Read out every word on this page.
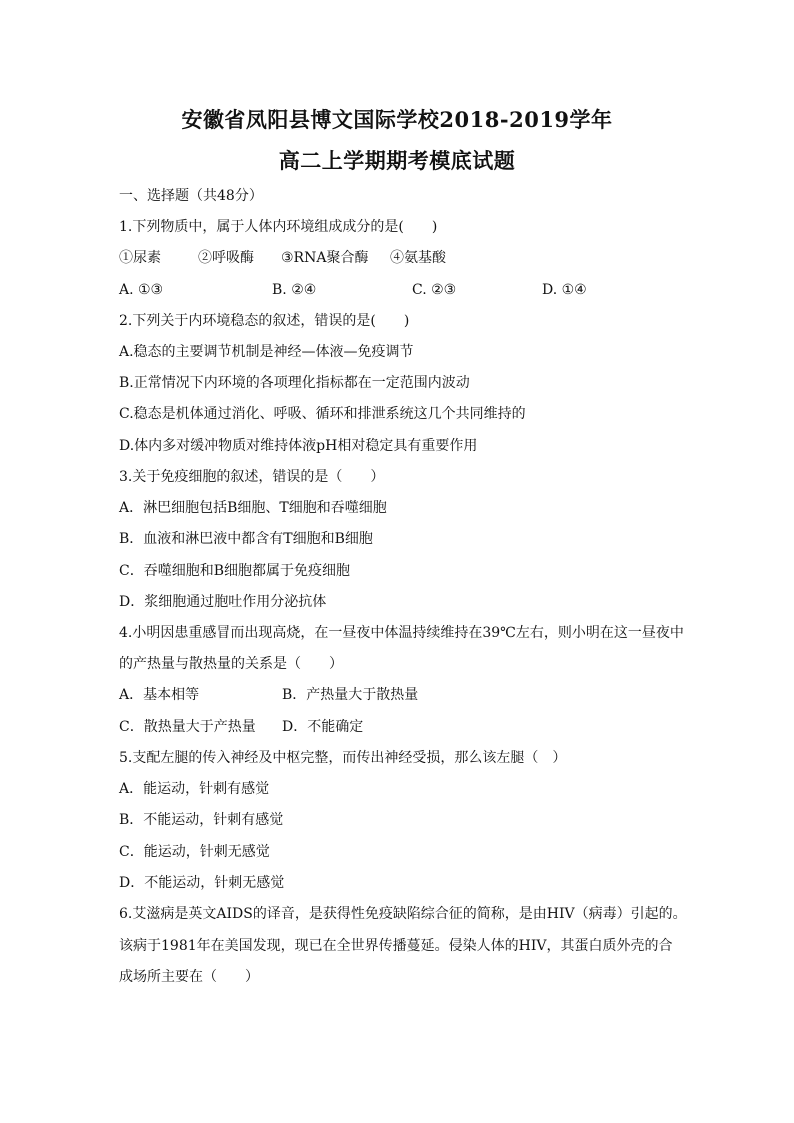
安徽省凤阳县博文国际学校2018-2019学年
高二上学期期考模底试题
一、选择题（共48分）
1.下列物质中，属于人体内环境组成成分的是(　　)
①尿素	②呼吸酶 ③RNA聚合酶 ④氨基酸
A. ①③	B. ②④	C. ②③	D. ①④
2.下列关于内环境稳态的叙述，错误的是(　　)
A.稳态的主要调节机制是神经—体液—免疫调节
B.正常情况下内环境的各项理化指标都在一定范围内波动
C.稳态是机体通过消化、呼吸、循环和排泄系统这几个共同维持的
D.体内多对缓冲物质对维持体液pH相对稳定具有重要作用
3.关于免疫细胞的叙述，错误的是（　　）
A．淋巴细胞包括B细胞、T细胞和吞噬细胞
B．血液和淋巴液中都含有T细胞和B细胞
C．吞噬细胞和B细胞都属于免疫细胞
D．浆细胞通过胞吐作用分泌抗体
4.小明因患重感冒而出现高烧，在一昼夜中体温持续维持在39℃左右，则小明在这一昼夜中
的产热量与散热量的关系是（　　）
A．基本相等	B．产热量大于散热量
C．散热量大于产热量 D．不能确定
5.支配左腿的传入神经及中枢完整，而传出神经受损，那么该左腿（　）
A．能运动，针刺有感觉
B．不能运动，针刺有感觉
C．能运动，针刺无感觉
D．不能运动，针刺无感觉
6.艾滋病是英文AIDS的译音，是获得性免疫缺陷综合征的简称，是由HIV（病毒）引起的。
该病于1981年在美国发现，现已在全世界传播蔓延。侵染人体的HIV，其蛋白质外壳的合
成场所主要在（　　）
